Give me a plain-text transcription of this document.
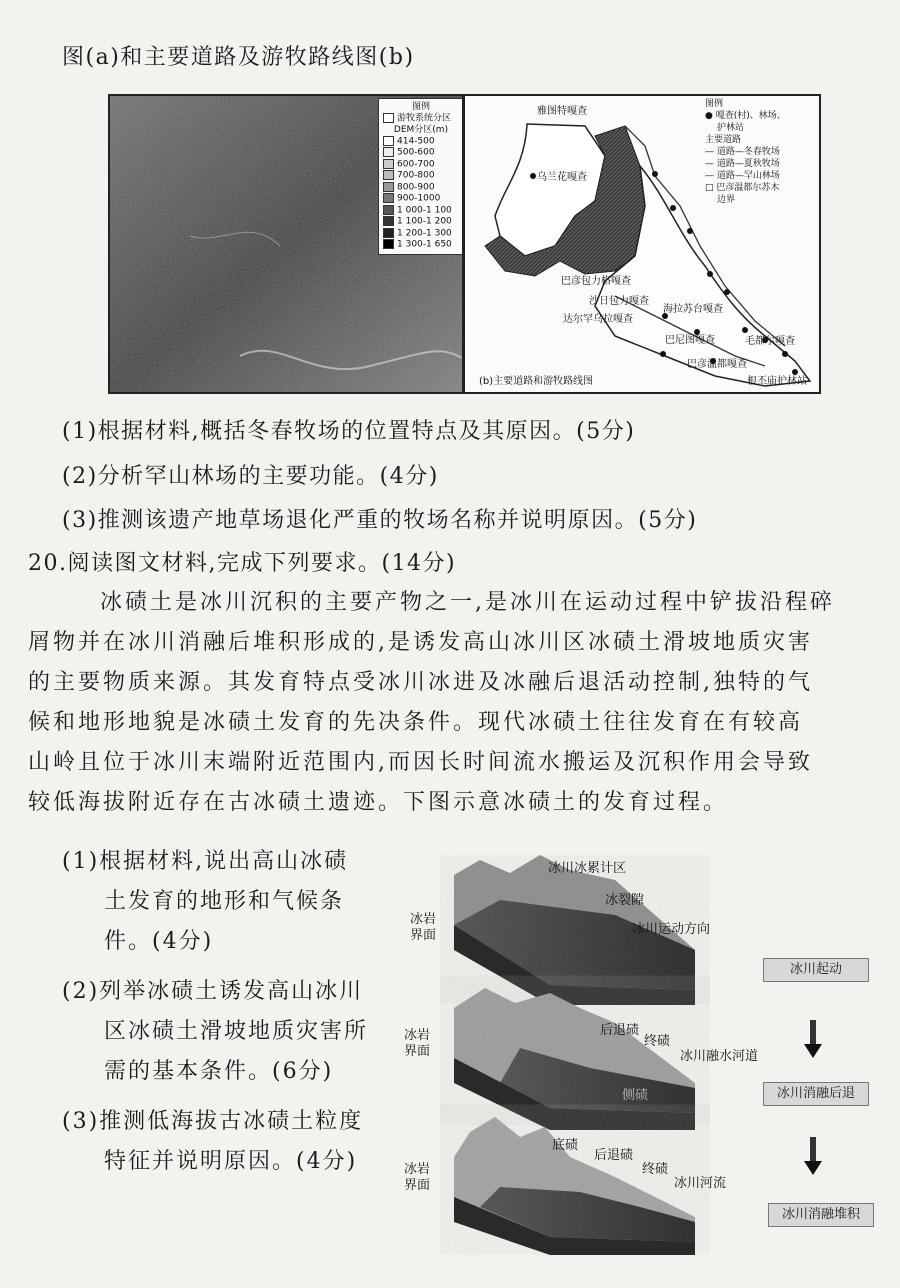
图(a)和主要道路及游牧路线图(b)
图例
游牧系统分区
DEM分区(m)
414-500
500-600
600-700
700-800
800-900
900-1000
1 000-1 100
1 100-1 200
1 200-1 300
1 300-1 650
雅图特嘎查
乌兰花嘎查
巴彦包力格嘎查
沙日包力嘎查
海拉苏台嘎查
达尔罕乌拉嘎查
巴尼图嘎查	毛都尔嘎查
巴彦温都嘎查
根丕庙护林站
(b)主要道路和游牧路线图
图例
● 嘎查(村)、林场、
护林站
主要道路
— 道路—冬春牧场
— 道路—夏秋牧场
— 道路—罕山林场
□ 巴彦温都尔苏木
边界
(1)根据材料,概括冬春牧场的位置特点及其原因。(5分)
(2)分析罕山林场的主要功能。(4分)
(3)推测该遗产地草场退化严重的牧场名称并说明原因。(5分)
20.阅读图文材料,完成下列要求。(14分)
冰碛土是冰川沉积的主要产物之一,是冰川在运动过程中铲拔沿程碎
屑物并在冰川消融后堆积形成的,是诱发高山冰川区冰碛土滑坡地质灾害
的主要物质来源。其发育特点受冰川冰进及冰融后退活动控制,独特的气
候和地形地貌是冰碛土发育的先决条件。现代冰碛土往往发育在有较高
山岭且位于冰川末端附近范围内,而因长时间流水搬运及沉积作用会导致
较低海拔附近存在古冰碛土遗迹。下图示意冰碛土的发育过程。
(1)根据材料,说出高山冰碛
土发育的地形和气候条
件。(4分)
(2)列举冰碛土诱发高山冰川
区冰碛土滑坡地质灾害所
需的基本条件。(6分)
(3)推测低海拔古冰碛土粒度
特征并说明原因。(4分)
冰川冰累计区
冰裂隙
冰川运动方向
冰岩
界面
后退碛
终碛
冰川融水河道
侧碛
冰岩
界面
底碛
后退碛
终碛
冰川河流
冰岩
界面
冰川起动
冰川消融后退
冰川消融堆积
